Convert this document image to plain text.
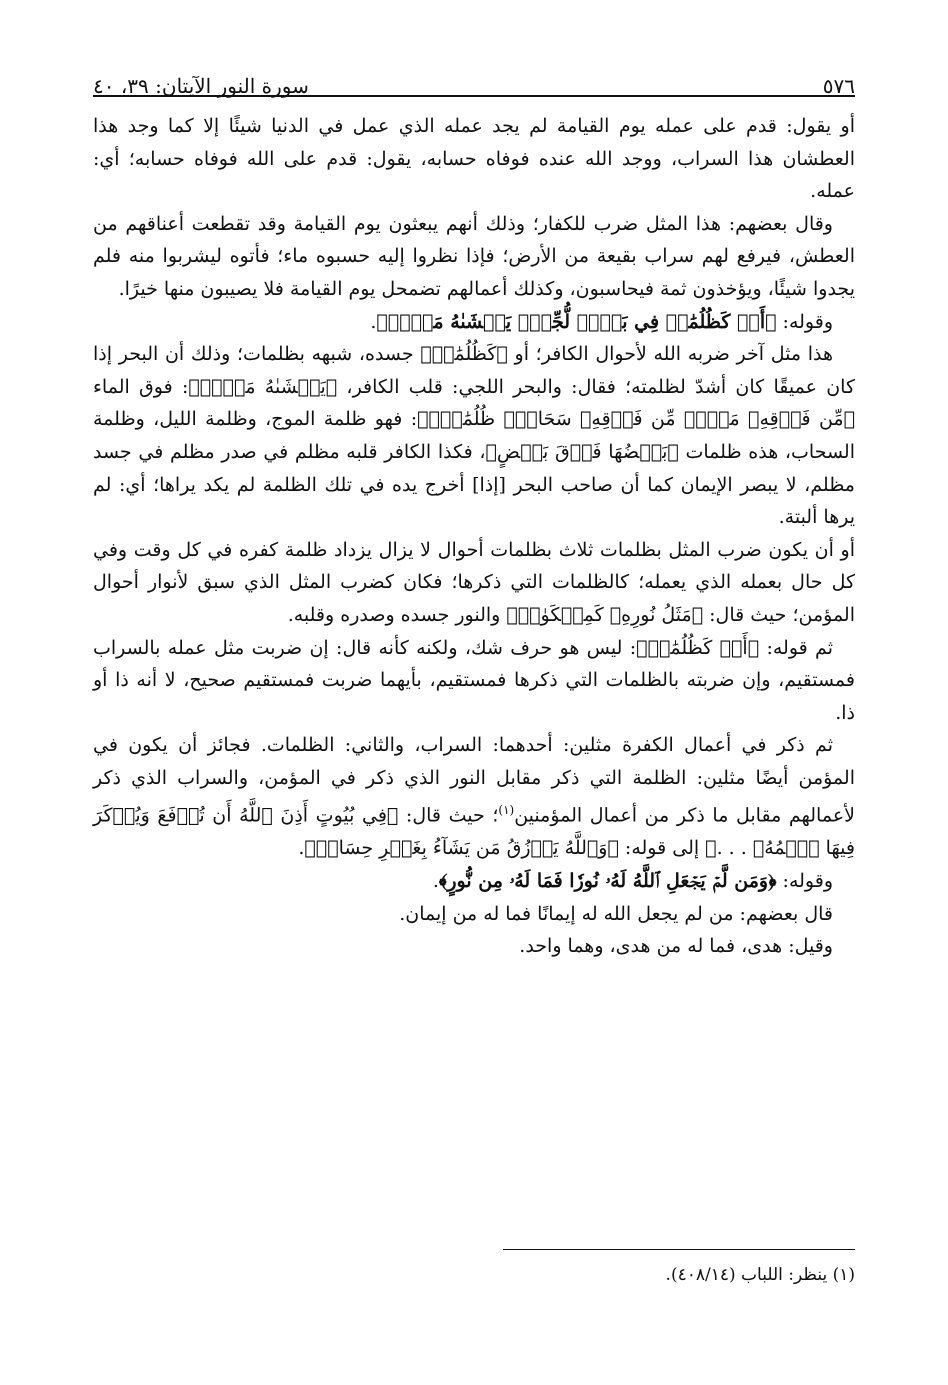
٥٧٦
سورة النور الآيتان: ٣٩، ٤٠

أو يقول: قدم على عمله يوم القيامة لم يجد عمله الذي عمل في الدنيا شيئًا إلا كما وجد هذا العطشان هذا السراب، ووجد الله عنده فوفاه حسابه، يقول: قدم على الله فوفاه حسابه؛ أي: عمله.

وقال بعضهم: هذا المثل ضرب للكفار؛ وذلك أنهم يبعثون يوم القيامة وقد تقطعت أعناقهم من العطش، فيرفع لهم سراب بقيعة من الأرض؛ فإذا نظروا إليه حسبوه ماء؛ فأتوه ليشربوا منه فلم يجدوا شيئًا، ويؤخذون ثمة فيحاسبون، وكذلك أعمالهم تضمحل يوم القيامة فلا يصيبون منها خيرًا.

وقوله: ﴿أَوۡ كَظُلُمَٰتٖ فِي بَحۡرٖ لُّجِّيّٖ يَغۡشَىٰهُ مَوۡجٞ﴾.

هذا مثل آخر ضربه الله لأحوال الكافر؛ أو ﴿كَظُلُمَٰتٖ﴾ جسده، شبهه بظلمات؛ وذلك أن البحر إذا كان عميقًا كان أشدّ لظلمته؛ فقال: والبحر اللجي: قلب الكافر، ﴿يَغۡشَىٰهُ مَوۡجٞ﴾: فوق الماء ﴿مِّن فَوۡقِهِۦ مَوۡجٞ مِّن فَوۡقِهِۦ سَحَابٞۚ ظُلُمَٰتُۢ﴾: فهو ظلمة الموج، وظلمة الليل، وظلمة السحاب، هذه ظلمات ﴿بَعۡضُهَا فَوۡقَ بَعۡضٍ﴾، فكذا الكافر قلبه مظلم في صدر مظلم في جسد مظلم، لا يبصر الإيمان كما أن صاحب البحر [إذا] أخرج يده في تلك الظلمة لم يكد يراها؛ أي: لم يرها ألبتة.

أو أن يكون ضرب المثل بظلمات ثلاث بظلمات أحوال لا يزال يزداد ظلمة كفره في كل وقت وفي كل حال بعمله الذي يعمله؛ كالظلمات التي ذكرها؛ فكان كضرب المثل الذي سبق لأنوار أحوال المؤمن؛ حيث قال: ﴿مَثَلُ نُورِهِۦ كَمِشۡكَوٰةٖ﴾ والنور جسده وصدره وقلبه.

ثم قوله: ﴿أَوۡ كَظُلُمَٰتٖ﴾: ليس هو حرف شك، ولكنه كأنه قال: إن ضربت مثل عمله بالسراب فمستقيم، وإن ضربته بالظلمات التي ذكرها فمستقيم، بأيهما ضربت فمستقيم صحيح، لا أنه ذا أو ذا.

ثم ذكر في أعمال الكفرة مثلين: أحدهما: السراب، والثاني: الظلمات. فجائز أن يكون في المؤمن أيضًا مثلين: الظلمة التي ذكر مقابل النور الذي ذكر في المؤمن، والسراب الذي ذكر لأعمالهم مقابل ما ذكر من أعمال المؤمنين$^{(١)}$؛ حيث قال: ﴿فِي بُيُوتٍ أَذِنَ ٱللَّهُ أَن تُرۡفَعَ وَيُذۡكَرَ فِيهَا ٱسۡمُهُۥ . . .﴾ إلى قوله: ﴿وَٱللَّهُ يَرۡزُقُ مَن يَشَآءُ بِغَيۡرِ حِسَابٖ﴾.

وقوله: ﴿وَمَن لَّمۡ يَجۡعَلِ ٱللَّهُ لَهُۥ نُورٗا فَمَا لَهُۥ مِن نُّورٍ﴾.

قال بعضهم: من لم يجعل الله له إيمانًا فما له من إيمان.

وقيل: هدى، فما له من هدى، وهما واحد.

(١) ينظر: اللباب (٤٠٨/١٤).
